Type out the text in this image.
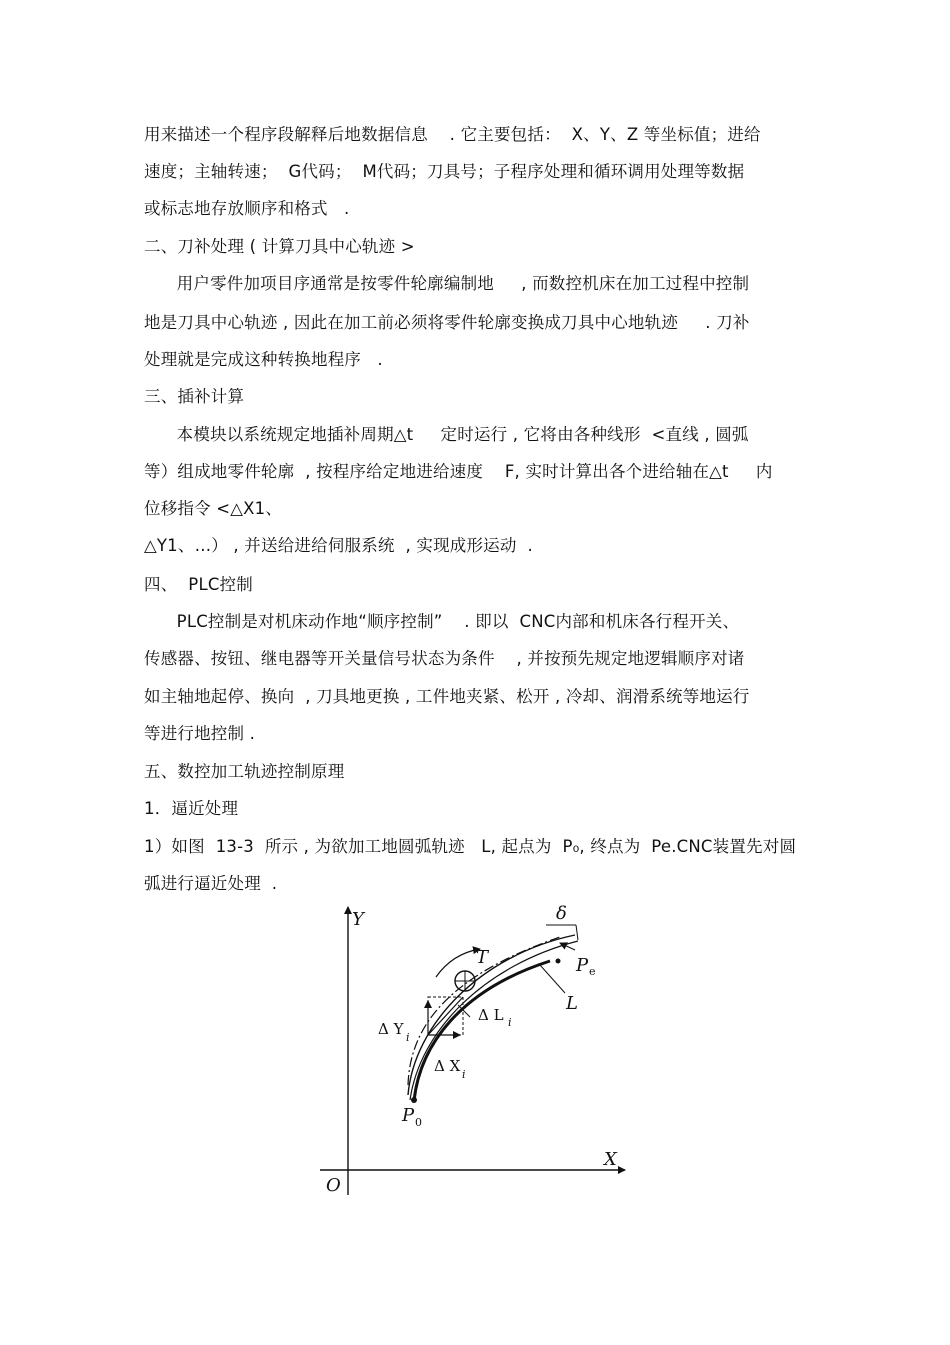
用来描述一个程序段解释后地数据信息    . 它主要包括：  X、Y、Z 等坐标值；进给
速度；主轴转速；  G代码；  M代码；刀具号；子程序处理和循环调用处理等数据
或标志地存放顺序和格式   .
二、刀补处理 ( 计算刀具中心轨迹 >
用户零件加项目序通常是按零件轮廓编制地     , 而数控机床在加工过程中控制
地是刀具中心轨迹 , 因此在加工前必须将零件轮廓变换成刀具中心地轨迹     . 刀补
处理就是完成这种转换地程序   .
三、插补计算
本模块以系统规定地插补周期△t     定时运行 , 它将由各种线形  <直线 , 圆弧
等）组成地零件轮廓  , 按程序给定地进给速度    F, 实时计算出各个进给轴在△t     内
位移指令 <△X1、
△Y1、…） , 并送给进给伺服系统  , 实现成形运动  .
四、  PLC控制
PLC控制是对机床动作地“顺序控制”    . 即以  CNC内部和机床各行程开关、
传感器、按钮、继电器等开关量信号状态为条件    , 并按预先规定地逻辑顺序对诸
如主轴地起停、换向  , 刀具地更换 , 工件地夹紧、松开 , 冷却、润滑系统等地运行
等进行地控制 .
五、数控加工轨迹控制原理
1．逼近处理
1）如图  13-3  所示 , 为欲加工地圆弧轨迹   L, 起点为  P₀, 终点为  Pe.CNC装置先对圆
弧进行逼近处理  .
Y
X
O
δ
T	P e
L
Δ L i
Δ Y i
Δ X i
P 0
